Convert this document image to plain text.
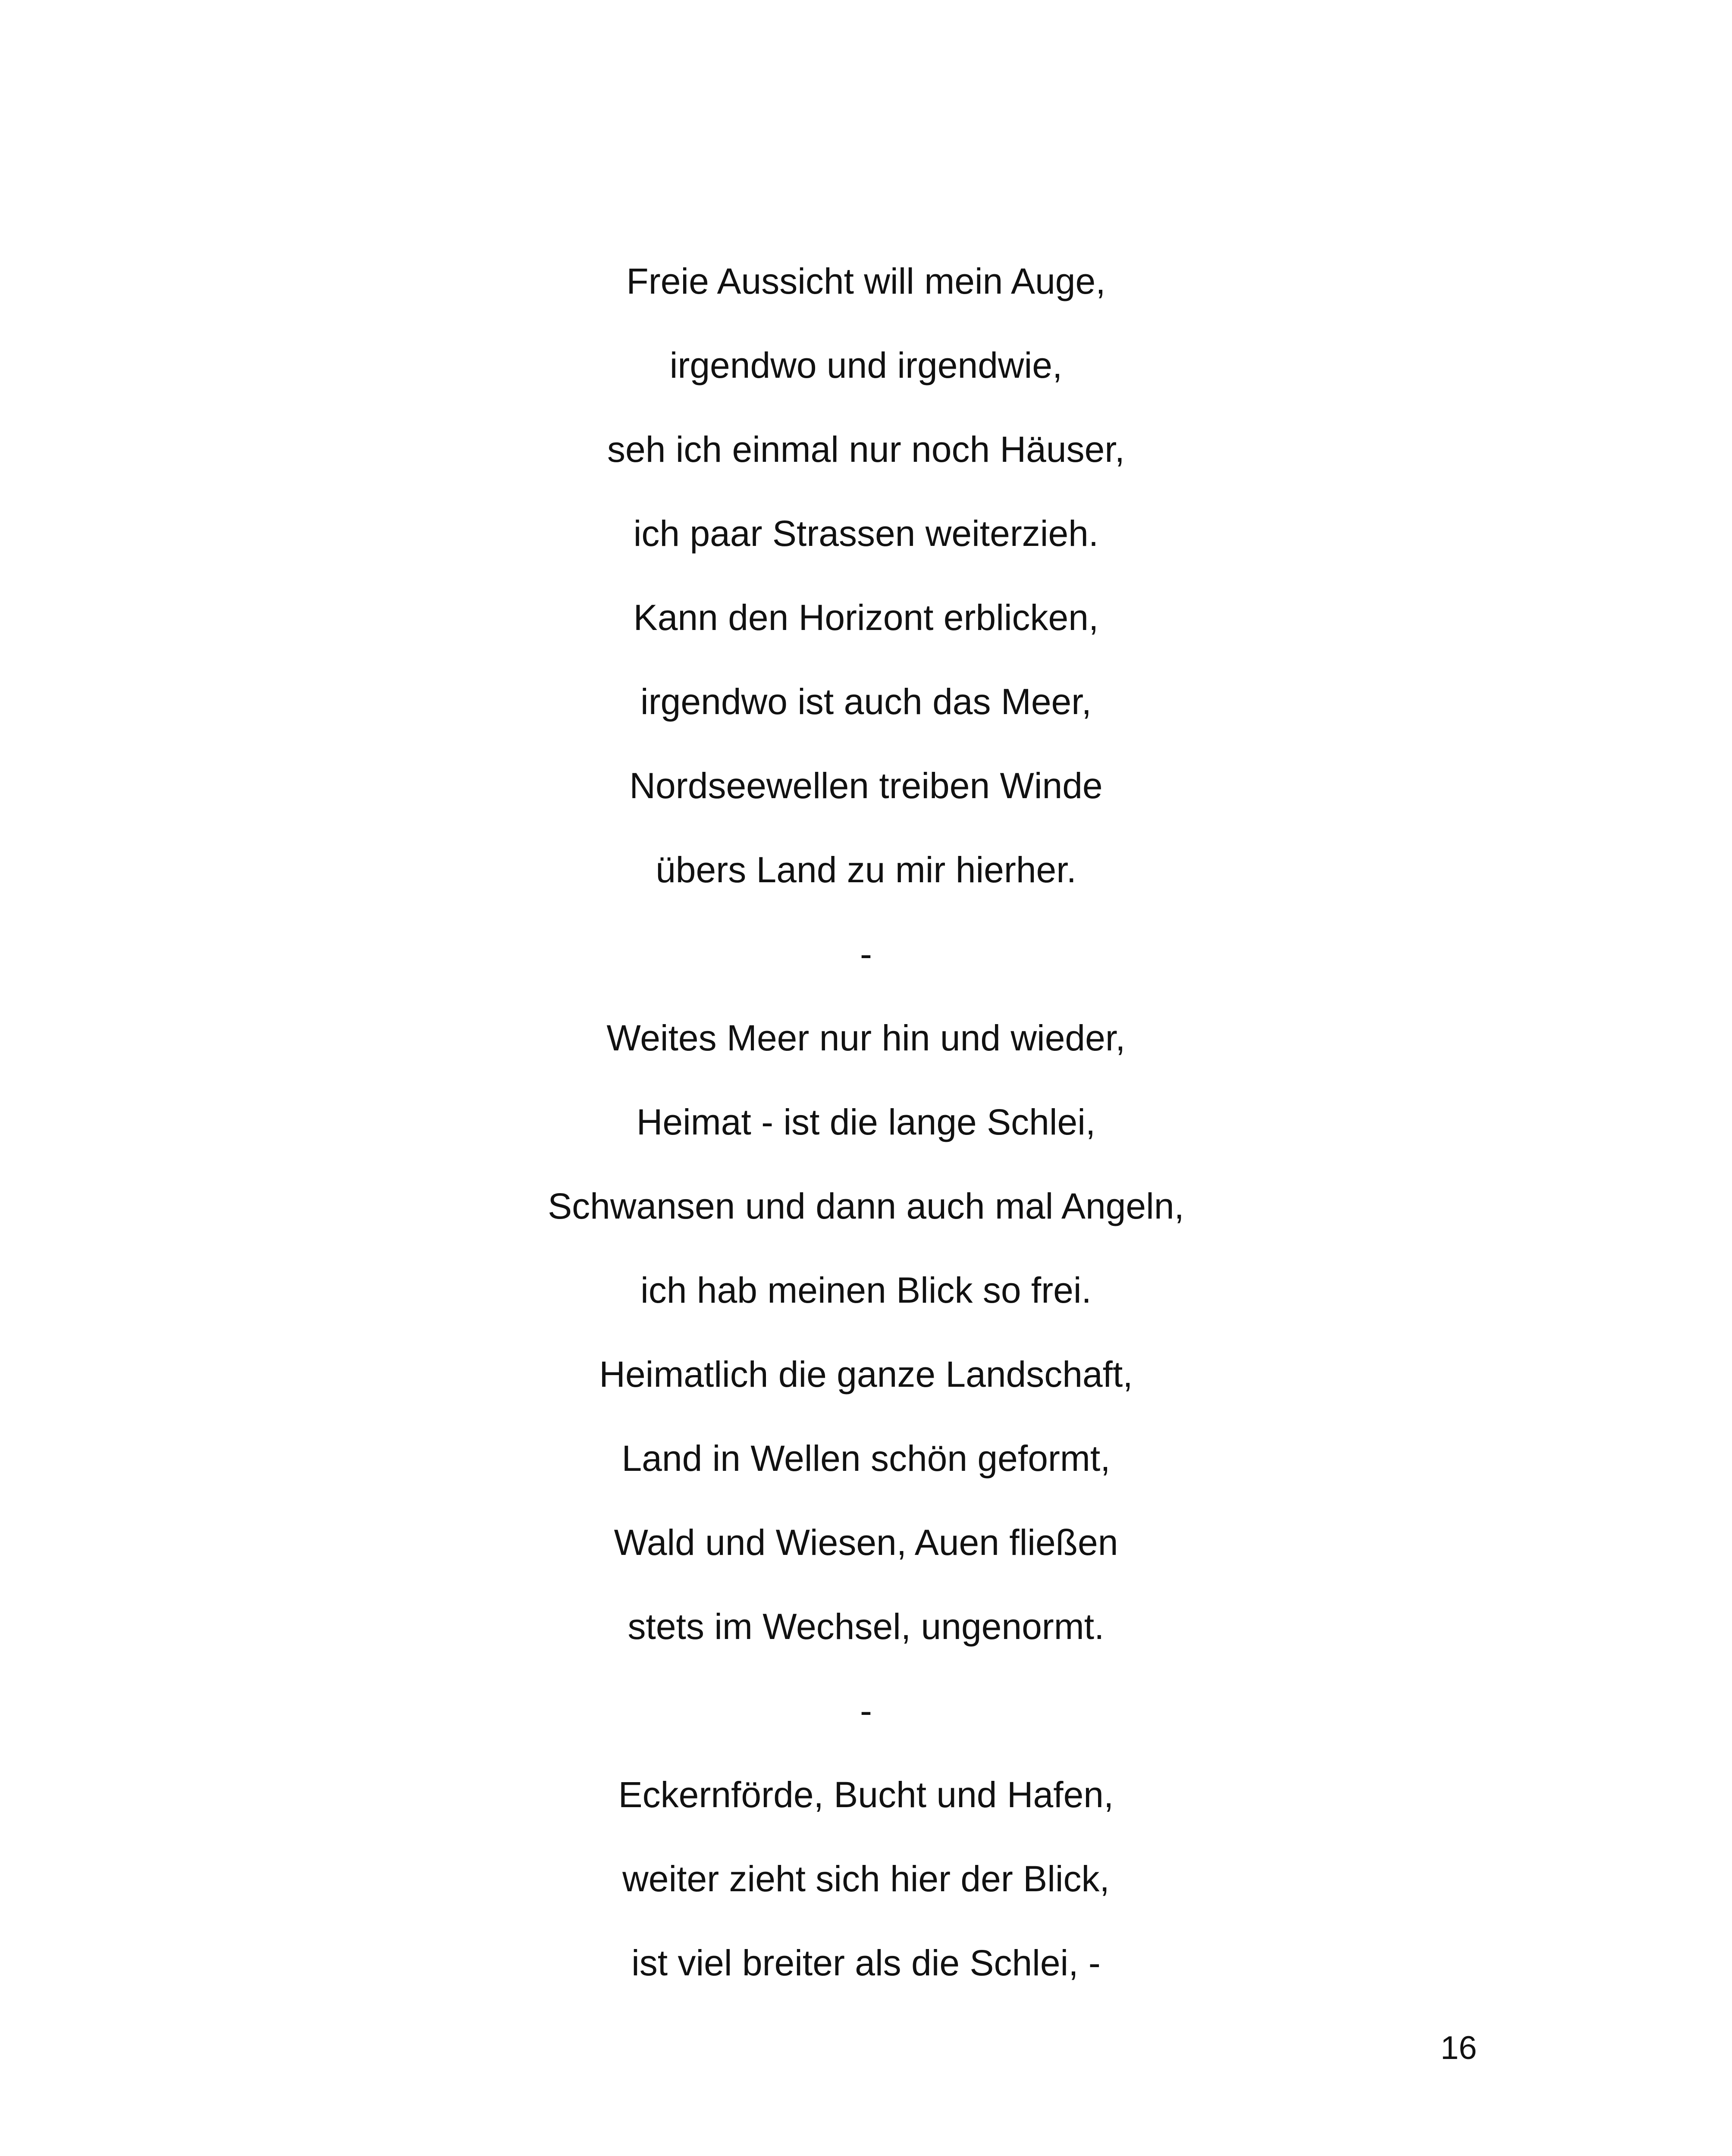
Freie Aussicht will mein Auge,
irgendwo und irgendwie,
seh ich einmal nur noch Häuser,
ich paar Strassen weiterzieh.
Kann den Horizont erblicken,
irgendwo ist auch das Meer,
Nordseewellen treiben Winde
übers Land zu mir hierher.
-
Weites Meer nur hin und wieder,
Heimat - ist die lange Schlei,
Schwansen und dann auch mal Angeln,
ich hab meinen Blick so frei.
Heimatlich die ganze Landschaft,
Land in Wellen schön geformt,
Wald und Wiesen, Auen fließen
stets im Wechsel, ungenormt.
-
Eckernförde, Bucht und Hafen,
weiter zieht sich hier der Blick,
ist viel breiter als die Schlei, -
16
